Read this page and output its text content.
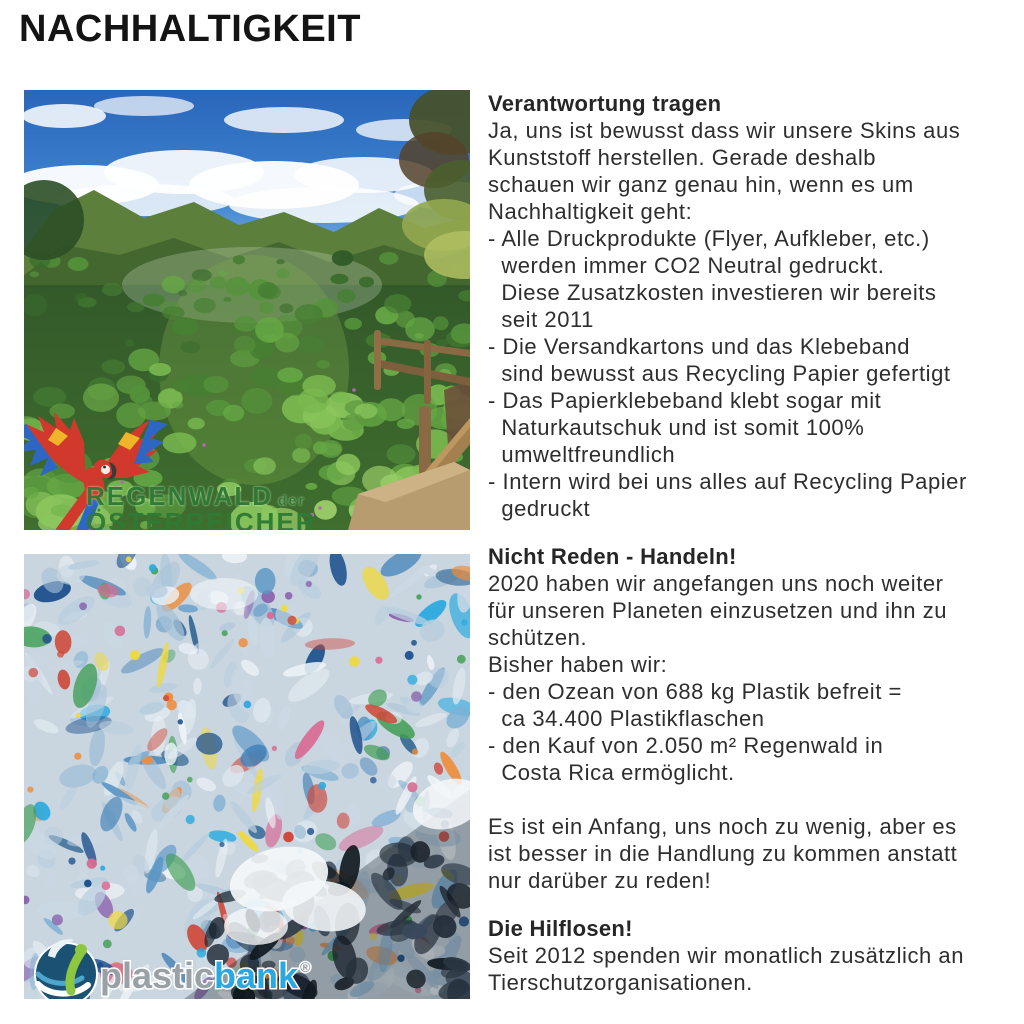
NACHHALTIGKEIT
REGENWALD der
ÖSTERREICHER
plasticbank ®
Verantwortung tragen
Ja, uns ist bewusst dass wir unsere Skins aus
Kunststoff herstellen. Gerade deshalb
schauen wir ganz genau hin, wenn es um
Nachhaltigkeit geht:
- Alle Druckprodukte (Flyer, Aufkleber, etc.)
werden immer CO2 Neutral gedruckt.
Diese Zusatzkosten investieren wir bereits
seit 2011
- Die Versandkartons und das Klebeband
sind bewusst aus Recycling Papier gefertigt
- Das Papierklebeband klebt sogar mit
Naturkautschuk und ist somit 100%
umweltfreundlich
- Intern wird bei uns alles auf Recycling Papier
gedruckt
Nicht Reden - Handeln!
2020 haben wir angefangen uns noch weiter
für unseren Planeten einzusetzen und ihn zu
schützen.
Bisher haben wir:
- den Ozean von 688 kg Plastik befreit =
ca 34.400 Plastikflaschen
- den Kauf von 2.050 m² Regenwald in
Costa Rica ermöglicht.

Es ist ein Anfang, uns noch zu wenig, aber es
ist besser in die Handlung zu kommen anstatt
nur darüber zu reden!
Die Hilflosen!
Seit 2012 spenden wir monatlich zusätzlich an
Tierschutzorganisationen.
